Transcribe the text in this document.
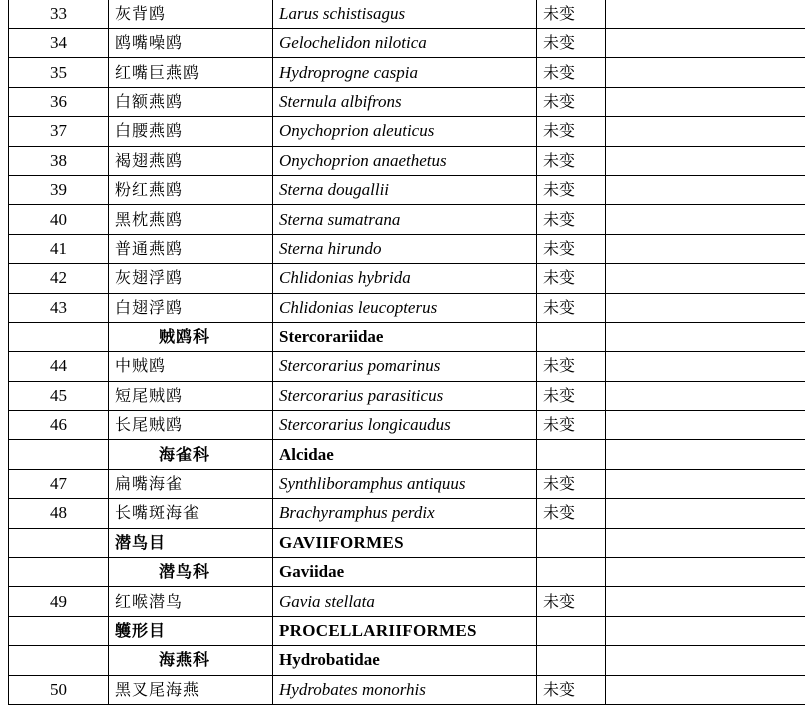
33	灰背鸥	Larus schistisagus	未变	
34	鸥嘴噪鸥	Gelochelidon nilotica	未变	
35	红嘴巨燕鸥	Hydroprogne caspia	未变	
36	白额燕鸥	Sternula albifrons	未变	
37	白腰燕鸥	Onychoprion aleuticus	未变	
38	褐翅燕鸥	Onychoprion anaethetus	未变	
39	粉红燕鸥	Sterna dougallii	未变	
40	黑枕燕鸥	Sterna sumatrana	未变	
41	普通燕鸥	Sterna hirundo	未变	
42	灰翅浮鸥	Chlidonias hybrida	未变	
43	白翅浮鸥	Chlidonias leucopterus	未变	
	贼鸥科	Stercorariidae		
44	中贼鸥	Stercorarius pomarinus	未变	
45	短尾贼鸥	Stercorarius parasiticus	未变	
46	长尾贼鸥	Stercorarius longicaudus	未变	
	海雀科	Alcidae		
47	扁嘴海雀	Synthliboramphus antiquus	未变	
48	长嘴斑海雀	Brachyramphus perdix	未变	
	潜鸟目	GAVIIFORMES		
	潜鸟科	Gaviidae		
49	红喉潜鸟	Gavia stellata	未变	
	鹱形目	PROCELLARIIFORMES		
	海燕科	Hydrobatidae		
50	黑叉尾海燕	Hydrobates monorhis	未变	
